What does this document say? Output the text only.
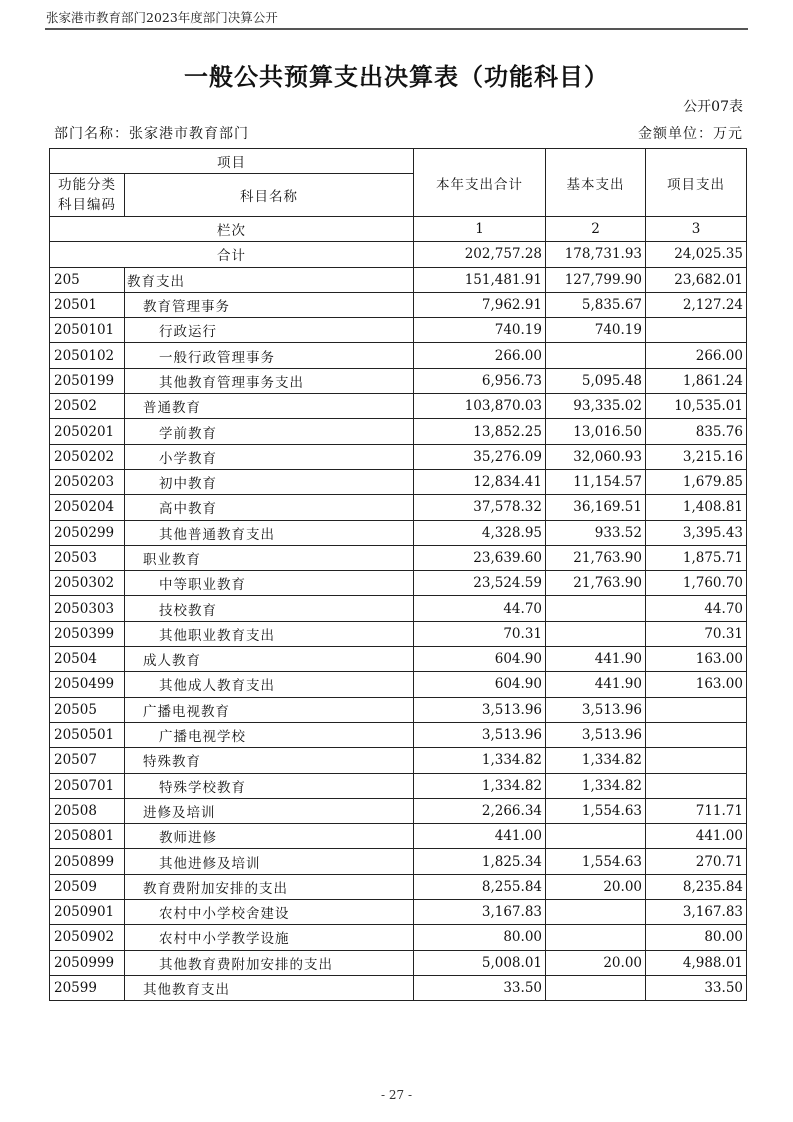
张家港市教育部门2023年度部门决算公开
一般公共预算支出决算表（功能科目）
公开07表
部门名称：张家港市教育部门	金额单位：万元
项目		本年支出合计	基本支出	项目支出
功能分类
科目编码	科目名称			
栏次		1	2	3
合计		202,757.28	178,731.93	24,025.35
205	教育支出	151,481.91	127,799.90	23,682.01
20501	教育管理事务	7,962.91	5,835.67	2,127.24
2050101	行政运行	740.19	740.19	
2050102	一般行政管理事务	266.00		266.00
2050199	其他教育管理事务支出	6,956.73	5,095.48	1,861.24
20502	普通教育	103,870.03	93,335.02	10,535.01
2050201	学前教育	13,852.25	13,016.50	835.76
2050202	小学教育	35,276.09	32,060.93	3,215.16
2050203	初中教育	12,834.41	11,154.57	1,679.85
2050204	高中教育	37,578.32	36,169.51	1,408.81
2050299	其他普通教育支出	4,328.95	933.52	3,395.43
20503	职业教育	23,639.60	21,763.90	1,875.71
2050302	中等职业教育	23,524.59	21,763.90	1,760.70
2050303	技校教育	44.70		44.70
2050399	其他职业教育支出	70.31		70.31
20504	成人教育	604.90	441.90	163.00
2050499	其他成人教育支出	604.90	441.90	163.00
20505	广播电视教育	3,513.96	3,513.96	
2050501	广播电视学校	3,513.96	3,513.96	
20507	特殊教育	1,334.82	1,334.82	
2050701	特殊学校教育	1,334.82	1,334.82	
20508	进修及培训	2,266.34	1,554.63	711.71
2050801	教师进修	441.00		441.00
2050899	其他进修及培训	1,825.34	1,554.63	270.71
20509	教育费附加安排的支出	8,255.84	20.00	8,235.84
2050901	农村中小学校舍建设	3,167.83		3,167.83
2050902	农村中小学教学设施	80.00		80.00
2050999	其他教育费附加安排的支出	5,008.01	20.00	4,988.01
20599	其他教育支出	33.50		33.50
- 27 -
